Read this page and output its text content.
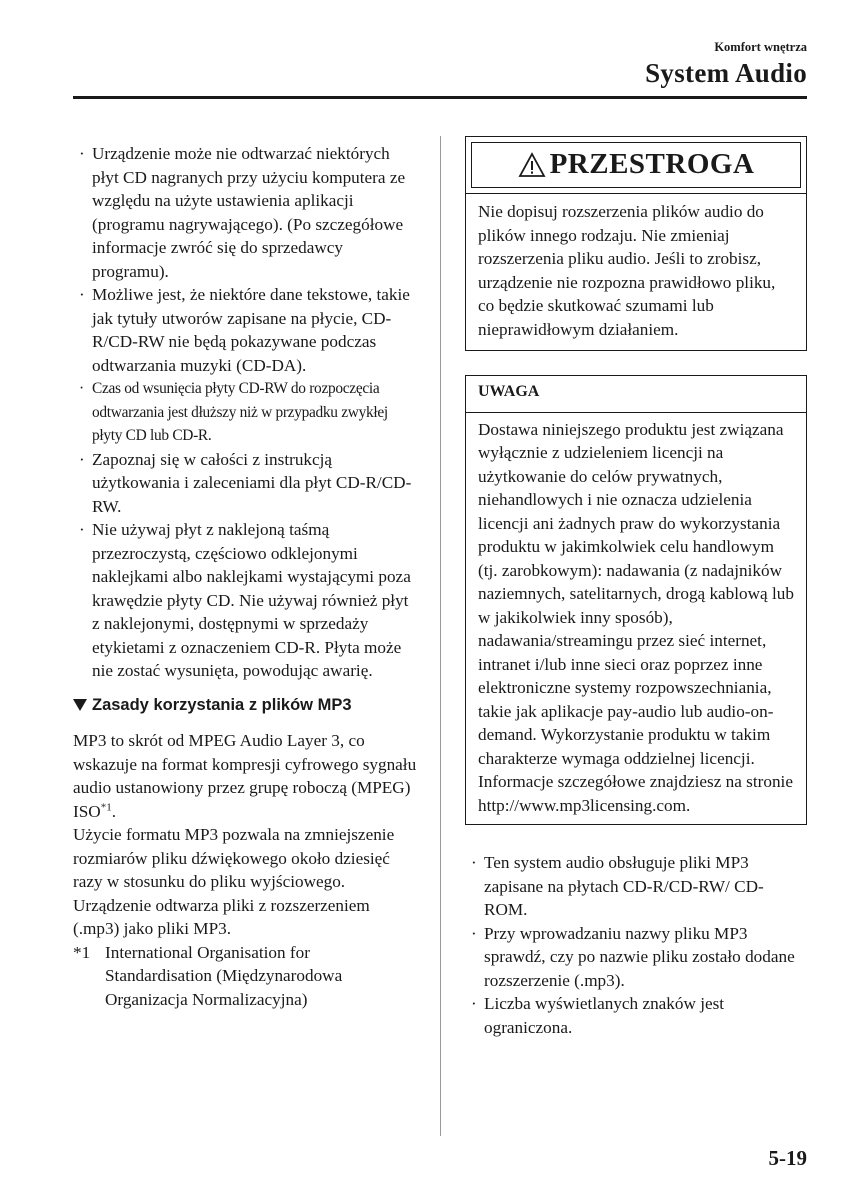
Komfort wnętrza
System Audio
· Urządzenie może nie odtwarzać niektórych płyt CD nagranych przy użyciu komputera ze względu na użyte ustawienia aplikacji (programu nagrywającego). (Po szczegółowe informacje zwróć się do sprzedawcy programu).
· Możliwe jest, że niektóre dane tekstowe, takie jak tytuły utworów zapisane na płycie, CD-R/CD-RW nie będą pokazywane podczas odtwarzania muzyki (CD-DA).
· Czas od wsunięcia płyty CD-RW do rozpoczęcia odtwarzania jest dłuższy niż w przypadku zwykłej płyty CD lub CD-R.
· Zapoznaj się w całości z instrukcją użytkowania i zaleceniami dla płyt CD-R/CD-RW.
· Nie używaj płyt z naklejoną taśmą przezroczystą, częściowo odklejonymi naklejkami albo naklejkami wystającymi poza krawędzie płyty CD. Nie używaj również płyt z naklejonymi, dostępnymi w sprzedaży etykietami z oznaczeniem CD-R. Płyta może nie zostać wysunięta, powodując awarię.
Zasady korzystania z plików MP3

MP3 to skrót od MPEG Audio Layer 3, co wskazuje na format kompresji cyfrowego sygnału audio ustanowiony przez grupę roboczą (MPEG) ISO$^{*1}$.

Użycie formatu MP3 pozwala na zmniejszenie rozmiarów pliku dźwiękowego około dziesięć razy w stosunku do pliku wyjściowego. Urządzenie odtwarza pliki z rozszerzeniem (.mp3) jako pliki MP3.

*1 International Organisation for Standardisation (Międzynarodowa Organizacja Normalizacyjna)
PRZESTROGA
Nie dopisuj rozszerzenia plików audio do plików innego rodzaju. Nie zmieniaj rozszerzenia pliku audio. Jeśli to zrobisz, urządzenie nie rozpozna prawidłowo pliku, co będzie skutkować szumami lub nieprawidłowym działaniem.
UWAGA
Dostawa niniejszego produktu jest związana wyłącznie z udzieleniem licencji na użytkowanie do celów prywatnych, niehandlowych i nie oznacza udzielenia licencji ani żadnych praw do wykorzystania produktu w jakimkolwiek celu handlowym (tj. zarobkowym): nadawania (z nadajników naziemnych, satelitarnych, drogą kablową lub w jakikolwiek inny sposób), nadawania/streamingu przez sieć internet, intranet i/lub inne sieci oraz poprzez inne elektroniczne systemy rozpowszechniania, takie jak aplikacje pay-audio lub audio-on-demand. Wykorzystanie produktu w takim charakterze wymaga oddzielnej licencji. Informacje szczegółowe znajdziesz na stronie http://www.mp3licensing.com.
· Ten system audio obsługuje pliki MP3 zapisane na płytach CD-R/CD-RW/ CD-ROM.
· Przy wprowadzaniu nazwy pliku MP3 sprawdź, czy po nazwie pliku zostało dodane rozszerzenie (.mp3).
· Liczba wyświetlanych znaków jest ograniczona.
5-19
